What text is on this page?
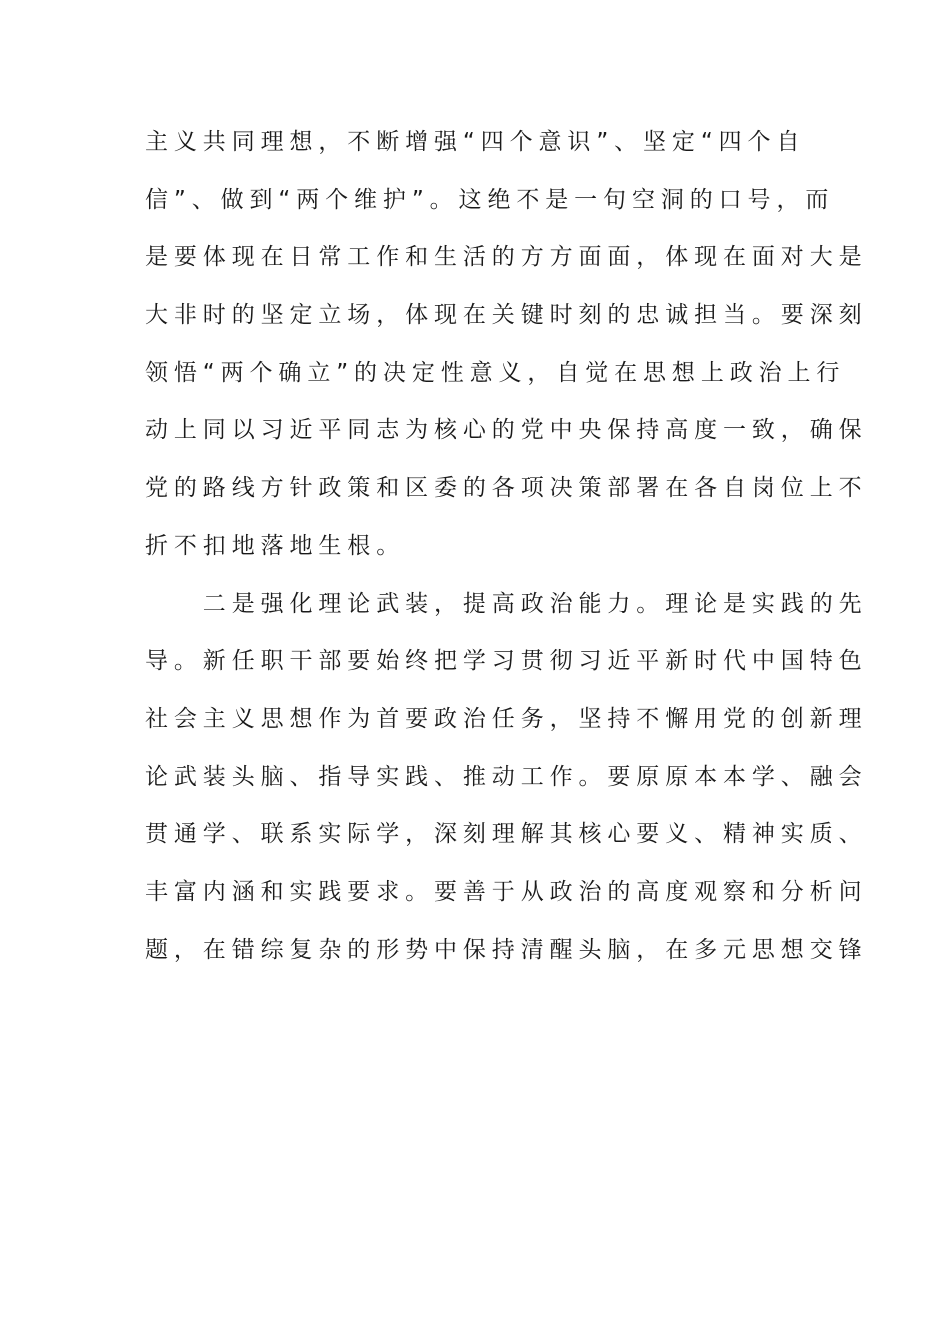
主义共同理想，不断增强“四个意识”、坚定“四个自
信”、做到“两个维护”。这绝不是一句空洞的口号，而
是要体现在日常工作和生活的方方面面，体现在面对大是
大非时的坚定立场，体现在关键时刻的忠诚担当。要深刻
领悟“两个确立”的决定性意义，自觉在思想上政治上行
动上同以习近平同志为核心的党中央保持高度一致，确保
党的路线方针政策和区委的各项决策部署在各自岗位上不
折不扣地落地生根。
二是强化理论武装，提高政治能力。理论是实践的先
导。新任职干部要始终把学习贯彻习近平新时代中国特色
社会主义思想作为首要政治任务，坚持不懈用党的创新理
论武装头脑、指导实践、推动工作。要原原本本学、融会
贯通学、联系实际学，深刻理解其核心要义、精神实质、
丰富内涵和实践要求。要善于从政治的高度观察和分析问
题，在错综复杂的形势中保持清醒头脑，在多元思想交锋
